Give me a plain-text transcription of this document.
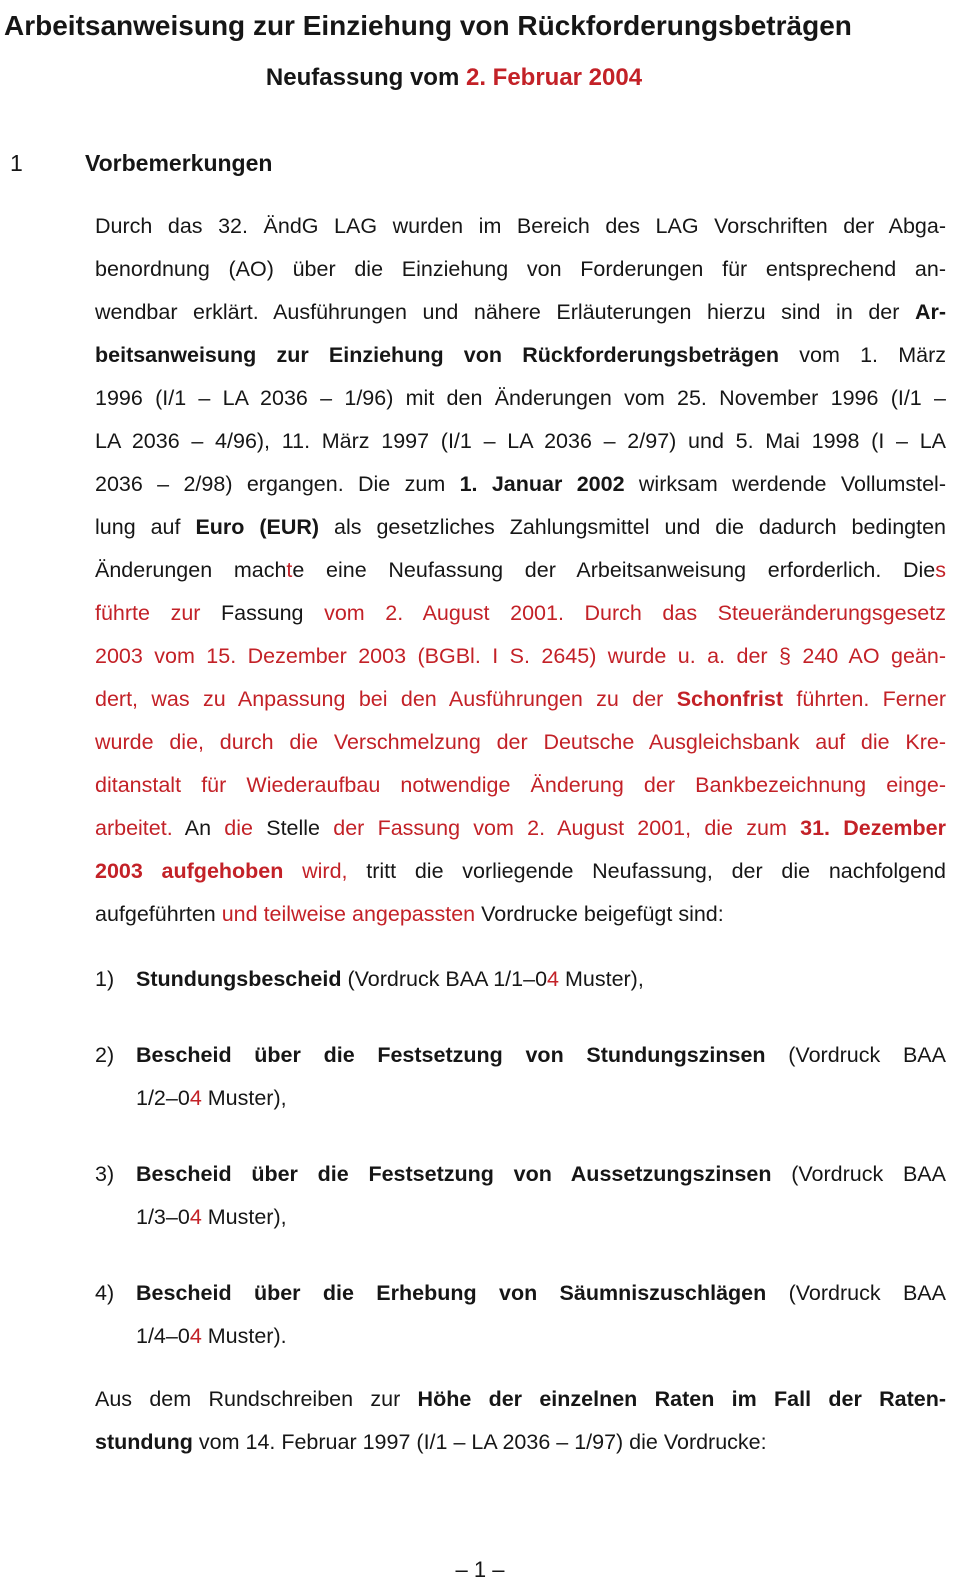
Arbeitsanweisung zur Einziehung von Rückforderungsbeträgen
Neufassung vom 2. Februar 2004
1	Vorbemerkungen
Durch das 32. ÄndG LAG wurden im Bereich des LAG Vorschriften der Abga-
benordnung (AO) über die Einziehung von Forderungen für entsprechend an-
wendbar erklärt. Ausführungen und nähere Erläuterungen hierzu sind in der Ar-
beitsanweisung zur Einziehung von Rückforderungsbeträgen vom 1. März
1996 (I/1 – LA 2036 – 1/96) mit den Änderungen vom 25. November 1996 (I/1 –
LA 2036 – 4/96), 11. März 1997 (I/1 – LA 2036 – 2/97) und 5. Mai 1998 (I – LA
2036 – 2/98) ergangen. Die zum 1. Januar 2002 wirksam werdende Vollumstel-
lung auf Euro (EUR) als gesetzliches Zahlungsmittel und die dadurch bedingten
Änderungen machte eine Neufassung der Arbeitsanweisung erforderlich. Dies
führte zur Fassung vom 2. August 2001. Durch das Steueränderungsgesetz
2003 vom 15. Dezember 2003 (BGBl. I S. 2645) wurde u. a. der § 240 AO geän-
dert, was zu Anpassung bei den Ausführungen zu der Schonfrist führten. Ferner
wurde die, durch die Verschmelzung der Deutsche Ausgleichsbank auf die Kre-
ditanstalt für Wiederaufbau notwendige Änderung der Bankbezeichnung einge-
arbeitet. An die Stelle der Fassung vom 2. August 2001, die zum 31. Dezember
2003 aufgehoben wird, tritt die vorliegende Neufassung, der die nachfolgend
aufgeführten und teilweise angepassten Vordrucke beigefügt sind:
1)	Stundungsbescheid (Vordruck BAA 1/1–04 Muster),
2)	Bescheid über die Festsetzung von Stundungszinsen (Vordruck BAA
1/2–04 Muster),
3)	Bescheid über die Festsetzung von Aussetzungszinsen (Vordruck BAA
1/3–04 Muster),
4)	Bescheid über die Erhebung von Säumniszuschlägen (Vordruck BAA
1/4–04 Muster).
Aus dem Rundschreiben zur Höhe der einzelnen Raten im Fall der Raten-
stundung vom 14. Februar 1997 (I/1 – LA 2036 – 1/97) die Vordrucke:
– 1 –
